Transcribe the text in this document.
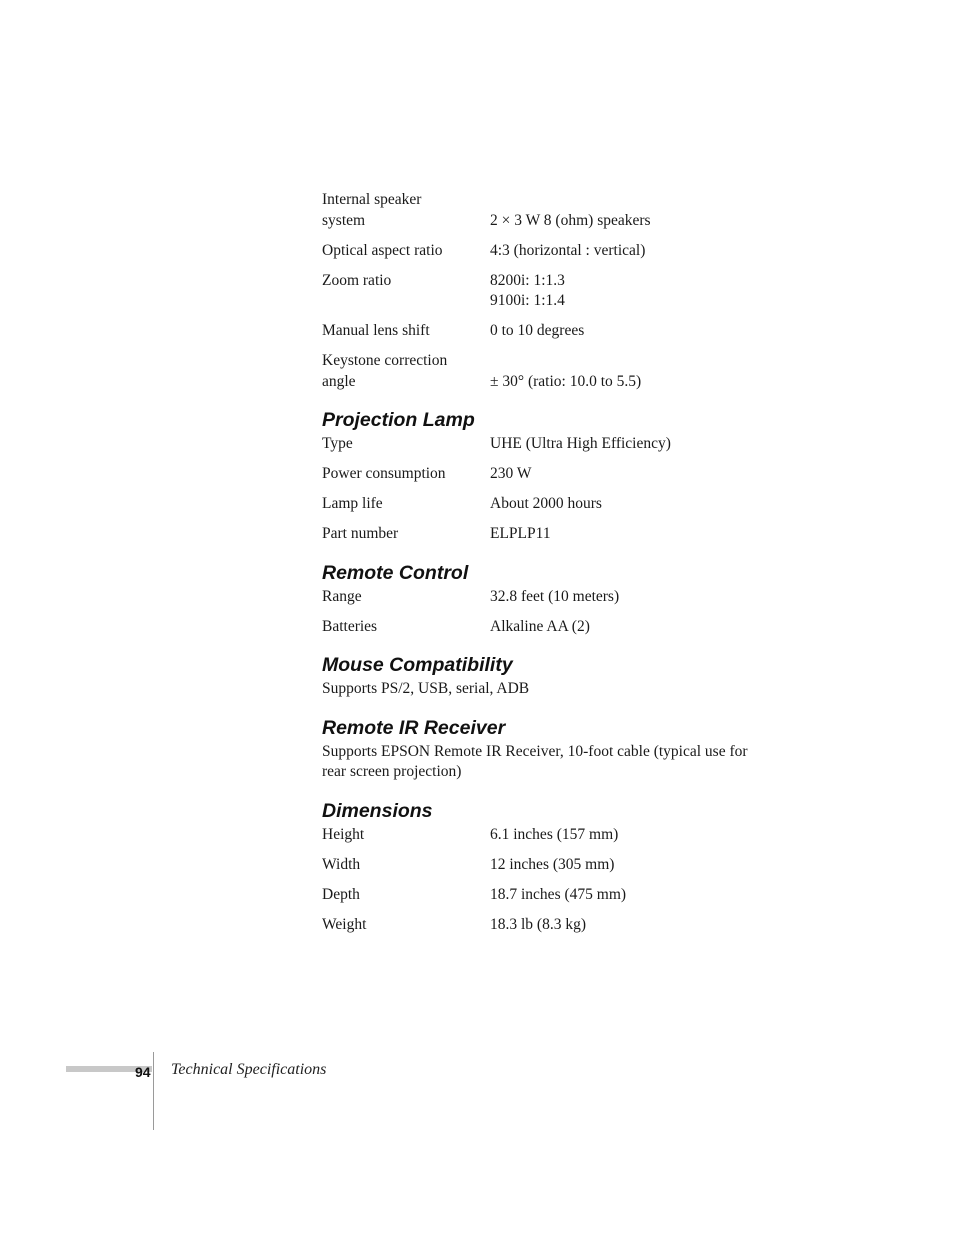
Internal speaker
system	2 × 3 W 8 (ohm) speakers
Optical aspect ratio	4:3 (horizontal : vertical)
Zoom ratio	8200i: 1:1.3
9100i: 1:1.4
Manual lens shift	0 to 10 degrees
Keystone correction
angle	± 30° (ratio: 10.0 to 5.5)
Projection Lamp
Type	UHE (Ultra High Efficiency)
Power consumption	230 W
Lamp life	About 2000 hours
Part number	ELPLP11
Remote Control
Range	32.8 feet (10 meters)
Batteries	Alkaline AA (2)
Mouse Compatibility
Supports PS/2, USB, serial, ADB
Remote IR Receiver
Supports EPSON Remote IR Receiver, 10-foot cable (typical use for
rear screen projection)
Dimensions
Height	6.1 inches (157 mm)
Width	12 inches (305 mm)
Depth	18.7 inches (475 mm)
Weight	18.3 lb (8.3 kg)
94 Technical Specifications
